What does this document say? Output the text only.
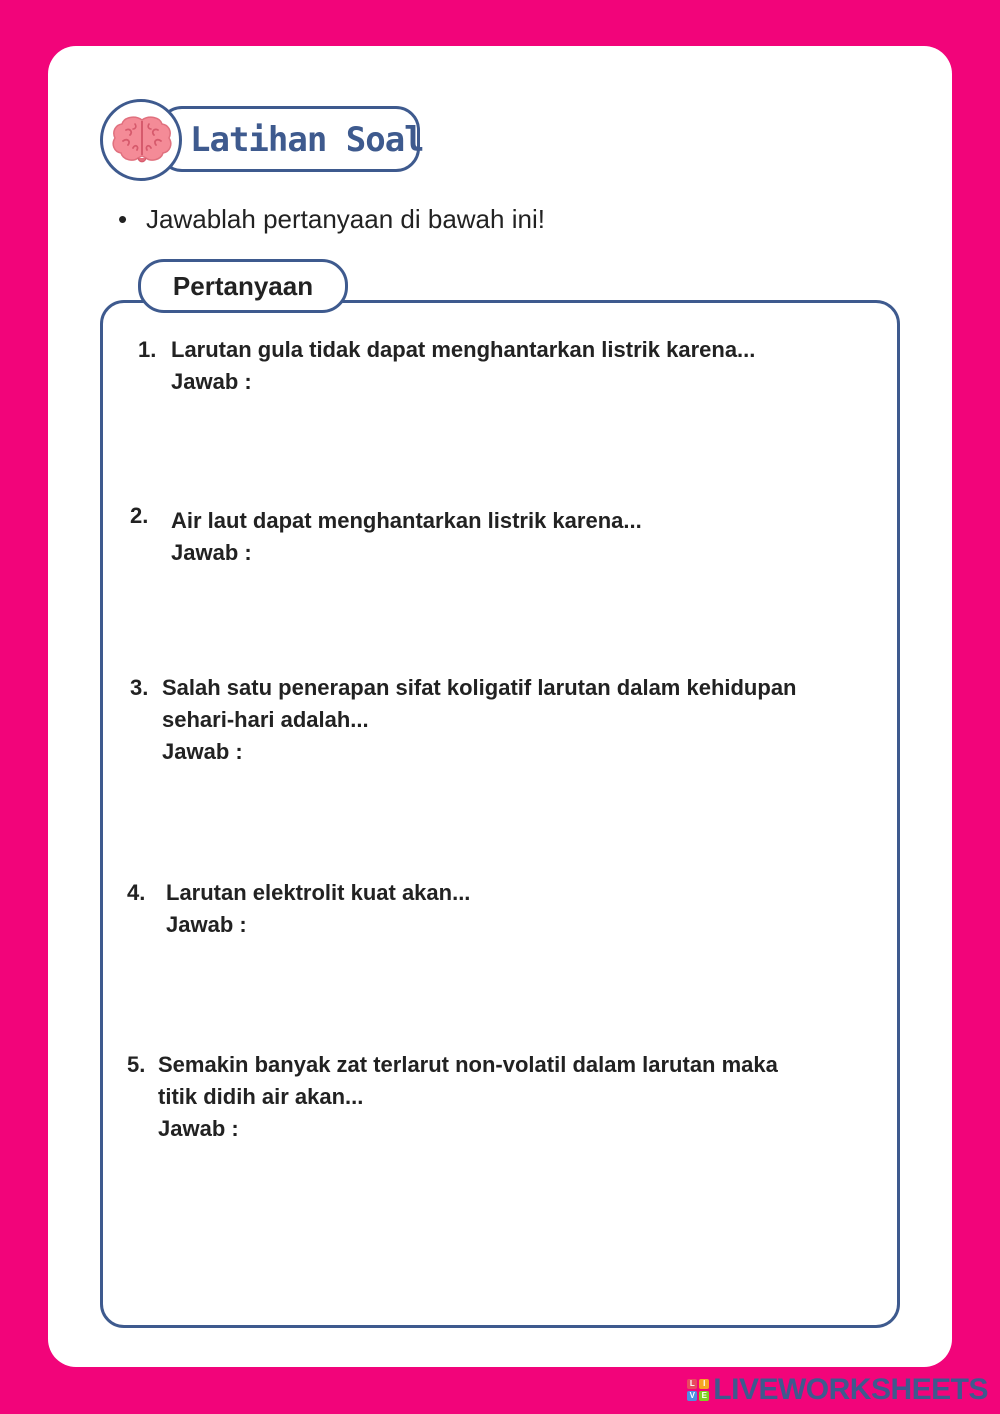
Latihan Soal
• Jawablah pertanyaan di bawah ini!
Pertanyaan
1. Larutan gula tidak dapat menghantarkan listrik karena...
Jawab :
2. Air laut dapat menghantarkan listrik karena...
Jawab :
3. Salah satu penerapan sifat koligatif larutan dalam kehidupan
sehari-hari adalah...
Jawab :
4. Larutan elektrolit kuat akan...
Jawab :
5. Semakin banyak zat terlarut non-volatil dalam larutan maka
titik didih air akan...
Jawab :
L	I
V E LIVEWORKSHEETS
